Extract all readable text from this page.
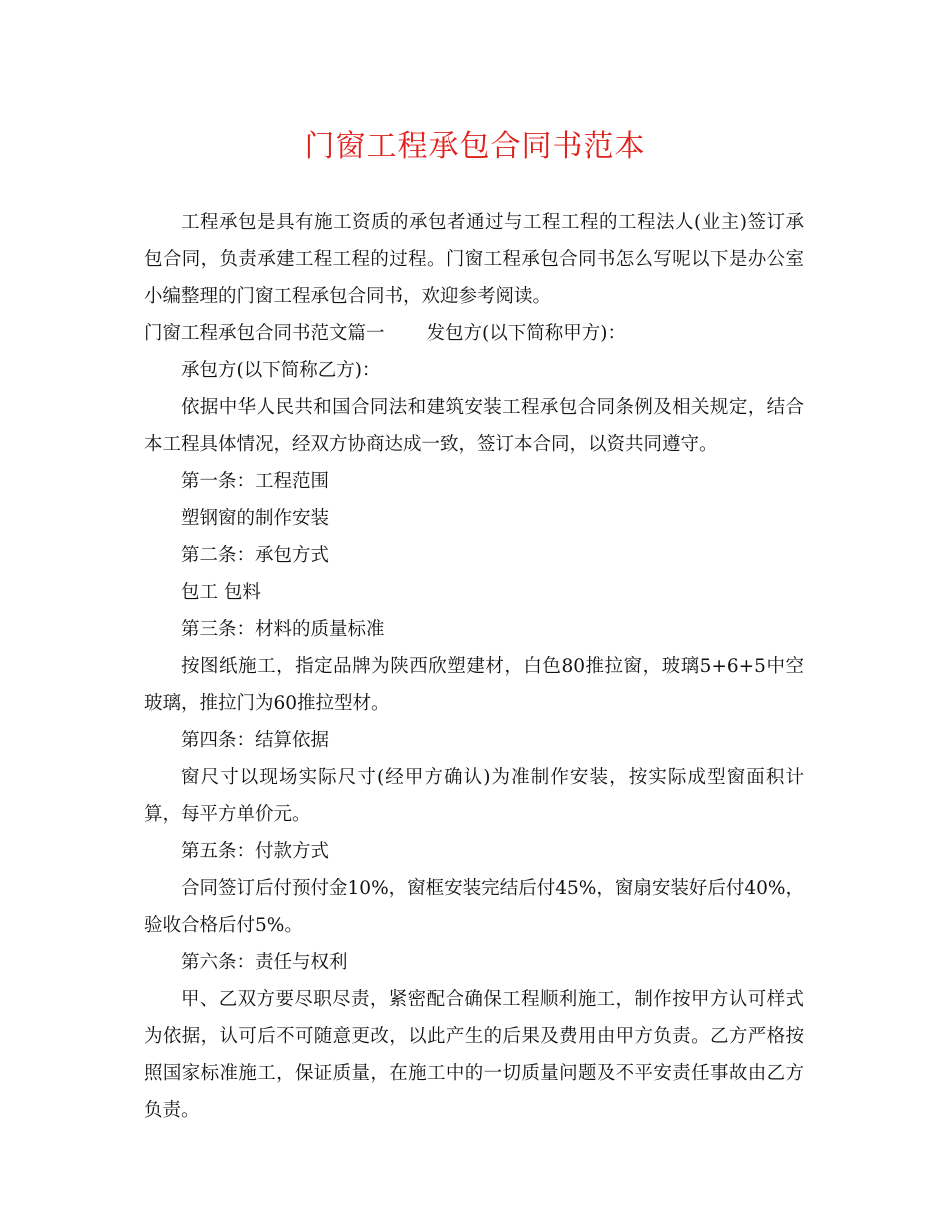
门窗工程承包合同书范本

工程承包是具有施工资质的承包者通过与工程工程的工程法人(业主)签订承包合同，负责承建工程工程的过程。门窗工程承包合同书怎么写呢以下是办公室小编整理的门窗工程承包合同书，欢迎参考阅读。

门窗工程承包合同书范文篇一 发包方(以下简称甲方)：

承包方(以下简称乙方)：

依据中华人民共和国合同法和建筑安装工程承包合同条例及相关规定，结合本工程具体情况，经双方协商达成一致，签订本合同，以资共同遵守。

第一条：工程范围

塑钢窗的制作安装

第二条：承包方式

包工 包料

第三条：材料的质量标准

按图纸施工，指定品牌为陕西欣塑建材，白色80推拉窗，玻璃5+6+5中空玻璃，推拉门为60推拉型材。

第四条：结算依据

窗尺寸以现场实际尺寸(经甲方确认)为准制作安装，按实际成型窗面积计算，每平方单价元。

第五条：付款方式

合同签订后付预付金10%，窗框安装完结后付45%，窗扇安装好后付40%，验收合格后付5%。

第六条：责任与权利

甲、乙双方要尽职尽责，紧密配合确保工程顺利施工，制作按甲方认可样式为依据，认可后不可随意更改，以此产生的后果及费用由甲方负责。乙方严格按照国家标准施工，保证质量，在施工中的一切质量问题及不平安责任事故由乙方负责。
